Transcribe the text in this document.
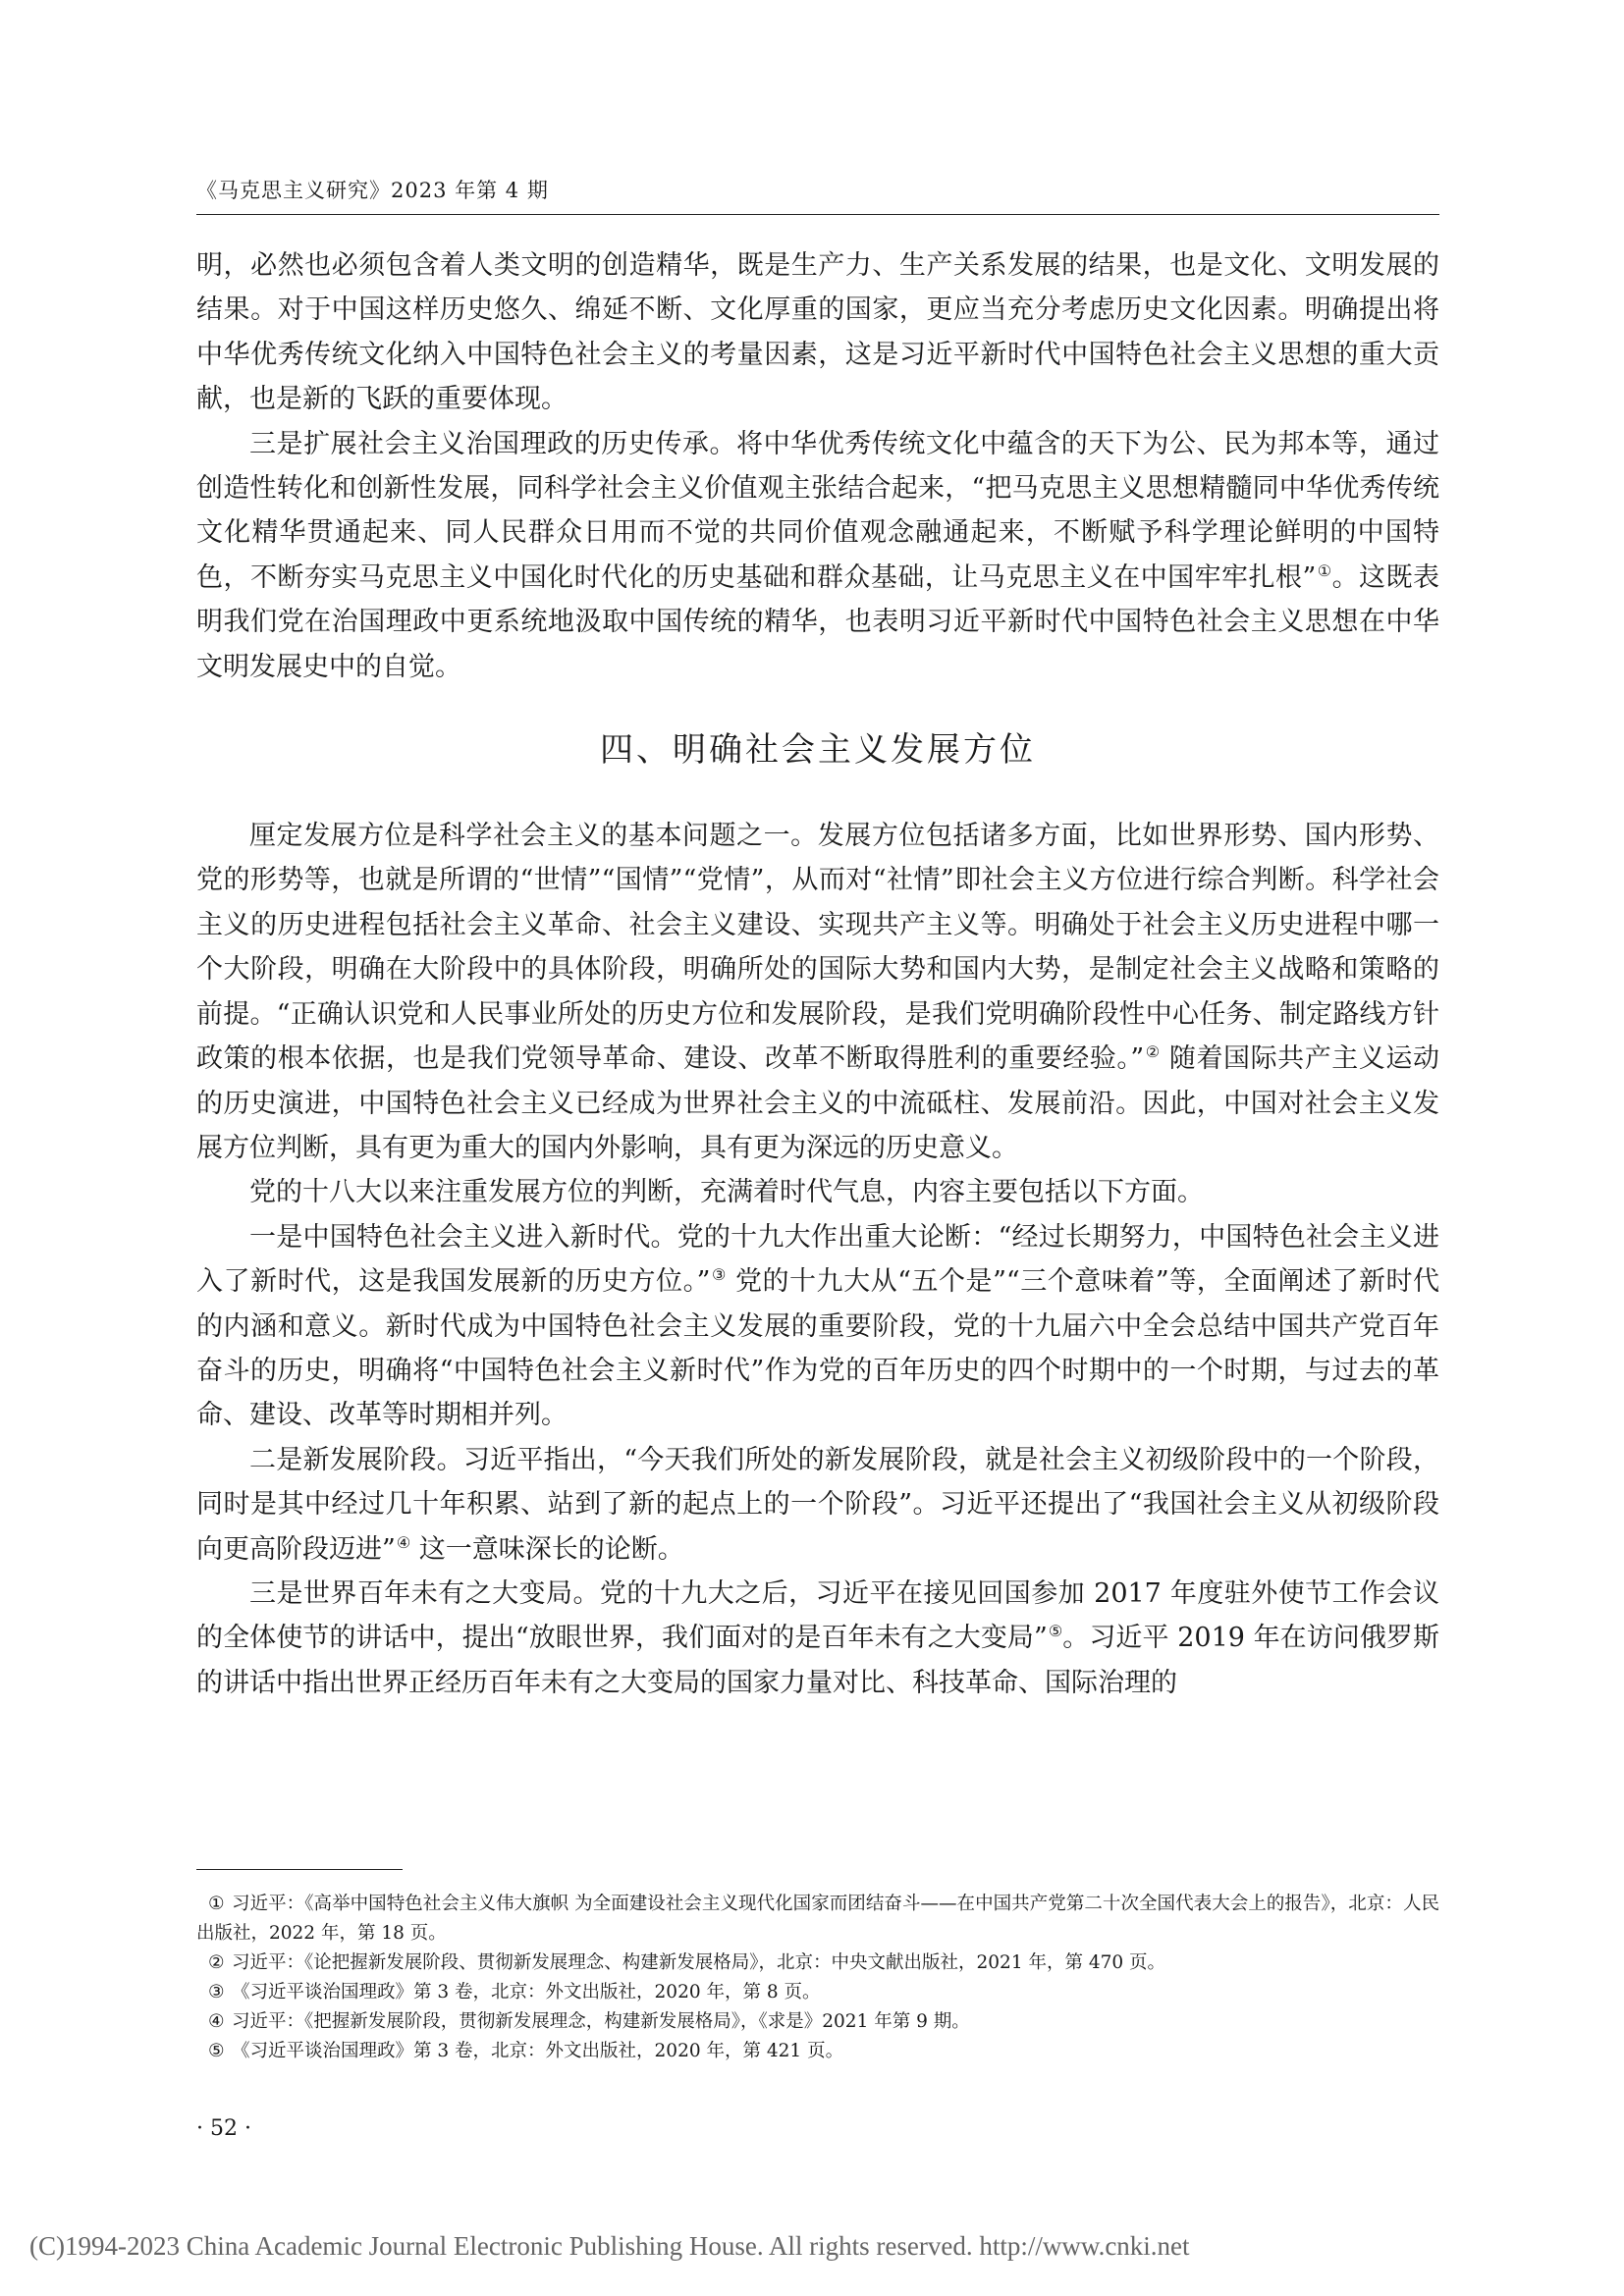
《马克思主义研究》2023 年第 4 期

明，必然也必须包含着人类文明的创造精华，既是生产力、生产关系发展的结果，也是文化、文明发展的结果。对于中国这样历史悠久、绵延不断、文化厚重的国家，更应当充分考虑历史文化因素。明确提出将中华优秀传统文化纳入中国特色社会主义的考量因素，这是习近平新时代中国特色社会主义思想的重大贡献，也是新的飞跃的重要体现。

三是扩展社会主义治国理政的历史传承。将中华优秀传统文化中蕴含的天下为公、民为邦本等，通过创造性转化和创新性发展，同科学社会主义价值观主张结合起来，“把马克思主义思想精髓同中华优秀传统文化精华贯通起来、同人民群众日用而不觉的共同价值观念融通起来，不断赋予科学理论鲜明的中国特色，不断夯实马克思主义中国化时代化的历史基础和群众基础，让马克思主义在中国牢牢扎根”①。这既表明我们党在治国理政中更系统地汲取中国传统的精华，也表明习近平新时代中国特色社会主义思想在中华文明发展史中的自觉。

四、明确社会主义发展方位

厘定发展方位是科学社会主义的基本问题之一。发展方位包括诸多方面，比如世界形势、国内形势、党的形势等，也就是所谓的“世情”“国情”“党情”，从而对“社情”即社会主义方位进行综合判断。科学社会主义的历史进程包括社会主义革命、社会主义建设、实现共产主义等。明确处于社会主义历史进程中哪一个大阶段，明确在大阶段中的具体阶段，明确所处的国际大势和国内大势，是制定社会主义战略和策略的前提。“正确认识党和人民事业所处的历史方位和发展阶段，是我们党明确阶段性中心任务、制定路线方针政策的根本依据，也是我们党领导革命、建设、改革不断取得胜利的重要经验。”② 随着国际共产主义运动的历史演进，中国特色社会主义已经成为世界社会主义的中流砥柱、发展前沿。因此，中国对社会主义发展方位判断，具有更为重大的国内外影响，具有更为深远的历史意义。

党的十八大以来注重发展方位的判断，充满着时代气息，内容主要包括以下方面。

一是中国特色社会主义进入新时代。党的十九大作出重大论断：“经过长期努力，中国特色社会主义进入了新时代，这是我国发展新的历史方位。”③ 党的十九大从“五个是”“三个意味着”等，全面阐述了新时代的内涵和意义。新时代成为中国特色社会主义发展的重要阶段，党的十九届六中全会总结中国共产党百年奋斗的历史，明确将“中国特色社会主义新时代”作为党的百年历史的四个时期中的一个时期，与过去的革命、建设、改革等时期相并列。

二是新发展阶段。习近平指出，“今天我们所处的新发展阶段，就是社会主义初级阶段中的一个阶段，同时是其中经过几十年积累、站到了新的起点上的一个阶段”。习近平还提出了“我国社会主义从初级阶段向更高阶段迈进”④ 这一意味深长的论断。

三是世界百年未有之大变局。党的十九大之后，习近平在接见回国参加 2017 年度驻外使节工作会议的全体使节的讲话中，提出“放眼世界，我们面对的是百年未有之大变局”⑤。习近平 2019 年在访问俄罗斯的讲话中指出世界正经历百年未有之大变局的国家力量对比、科技革命、国际治理的

① 习近平：《高举中国特色社会主义伟大旗帜 为全面建设社会主义现代化国家而团结奋斗——在中国共产党第二十次全国代表大会上的报告》，北京：人民出版社，2022 年，第 18 页。
② 习近平：《论把握新发展阶段、贯彻新发展理念、构建新发展格局》，北京：中央文献出版社，2021 年，第 470 页。
③ 《习近平谈治国理政》第 3 卷，北京：外文出版社，2020 年，第 8 页。
④ 习近平：《把握新发展阶段，贯彻新发展理念，构建新发展格局》，《求是》2021 年第 9 期。
⑤ 《习近平谈治国理政》第 3 卷，北京：外文出版社，2020 年，第 421 页。
· 52 ·
(C)1994-2023 China Academic Journal Electronic Publishing House. All rights reserved. http://www.cnki.net
